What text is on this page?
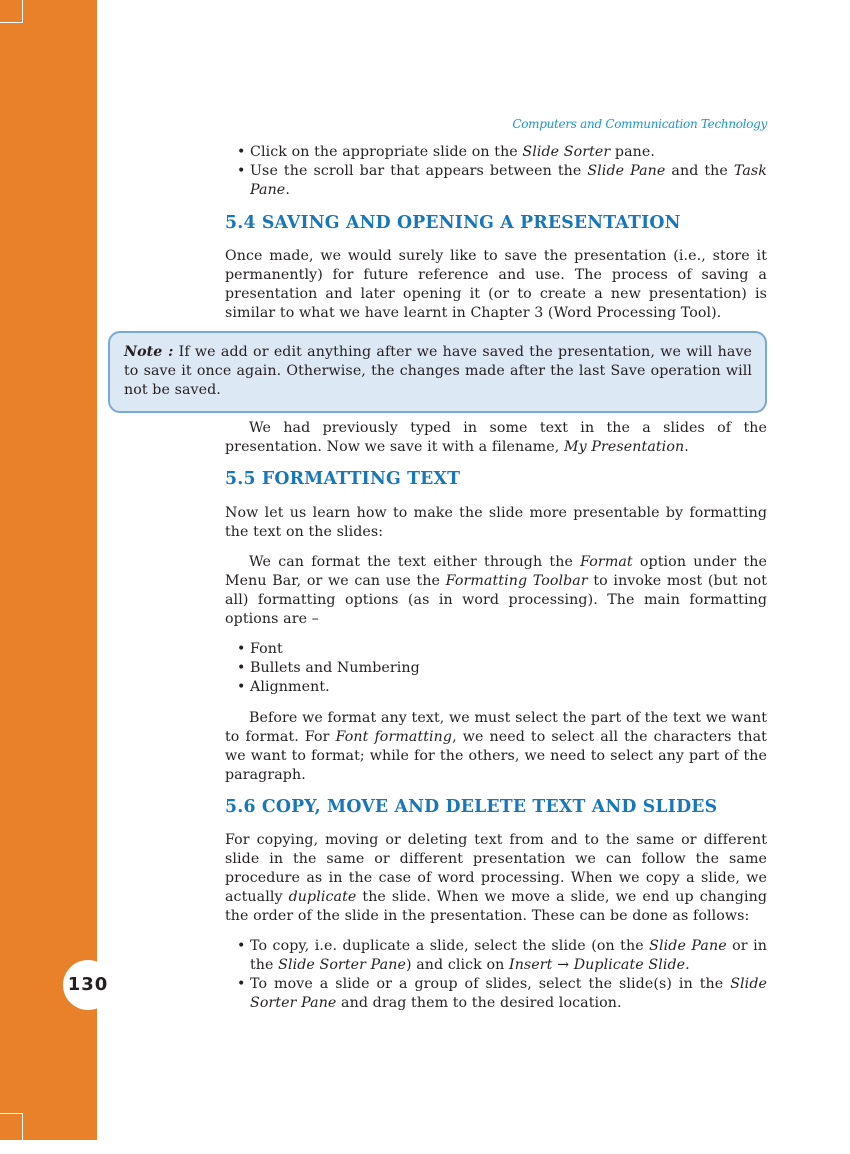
130
Computers and Communication Technology
• Click on the appropriate slide on the Slide Sorter pane.
• Use the scroll bar that appears between the Slide Pane and the Task Pane.
5.4 SAVING AND OPENING A PRESENTATION

Once made, we would surely like to save the presentation (i.e., store it permanently) for future reference and use. The process of saving a presentation and later opening it (or to create a new presentation) is similar to what we have learnt in Chapter 3 (Word Processing Tool).

Note : If we add or edit anything after we have saved the presentation, we will have to save it once again. Otherwise, the changes made after the last Save operation will not be saved.

We had previously typed in some text in the a slides of the presentation. Now we save it with a filename, My Presentation.

5.5 FORMATTING TEXT

Now let us learn how to make the slide more presentable by formatting the text on the slides:

We can format the text either through the Format option under the Menu Bar, or we can use the Formatting Toolbar to invoke most (but not all) formatting options (as in word processing). The main formatting options are –

• Font
• Bullets and Numbering
• Alignment.

Before we format any text, we must select the part of the text we want to format. For Font formatting, we need to select all the characters that we want to format; while for the others, we need to select any part of the paragraph.

5.6 COPY, MOVE AND DELETE TEXT AND SLIDES

For copying, moving or deleting text from and to the same or different slide in the same or different presentation we can follow the same procedure as in the case of word processing. When we copy a slide, we actually duplicate the slide. When we move a slide, we end up changing the order of the slide in the presentation. These can be done as follows:

• To copy, i.e. duplicate a slide, select the slide (on the Slide Pane or in the Slide Sorter Pane) and click on Insert → Duplicate Slide.
• To move a slide or a group of slides, select the slide(s) in the Slide Sorter Pane and drag them to the desired location.
